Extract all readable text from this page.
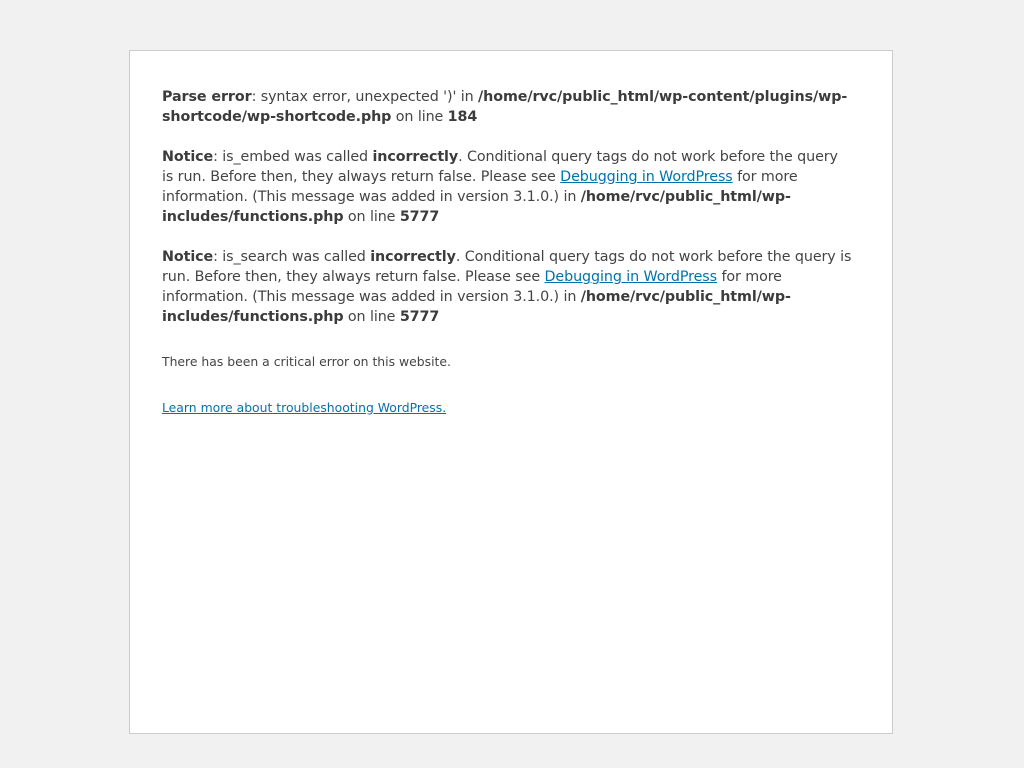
Parse error: syntax error, unexpected ')' in /home/rvc/public_html/wp-content/plugins/wp-shortcode/wp-shortcode.php on line 184

Notice: is_embed was called incorrectly. Conditional query tags do not work before the query is run. Before then, they always return false. Please see Debugging in WordPress for more information. (This message was added in version 3.1.0.) in /home/rvc/public_html/wp-includes/functions.php on line 5777

Notice: is_search was called incorrectly. Conditional query tags do not work before the query is run. Before then, they always return false. Please see Debugging in WordPress for more information. (This message was added in version 3.1.0.) in /home/rvc/public_html/wp-includes/functions.php on line 5777

There has been a critical error on this website.

Learn more about troubleshooting WordPress.
